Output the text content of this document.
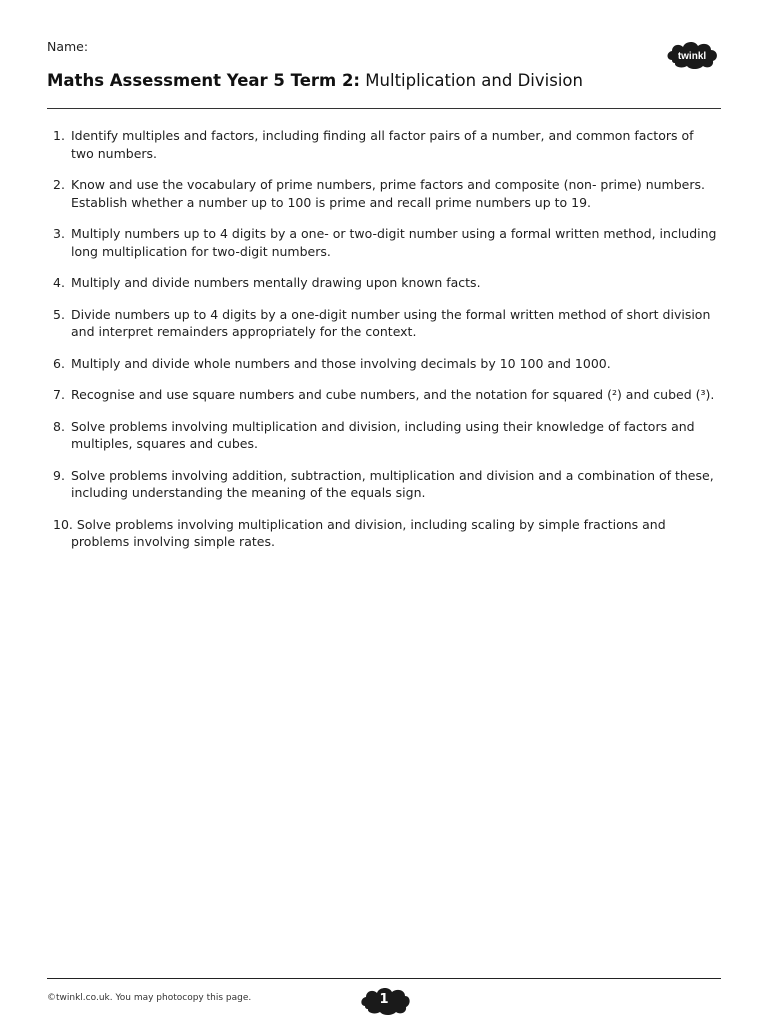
Name:
twinkl
Maths Assessment Year 5 Term 2: Multiplication and Division
1. Identify multiples and factors, including finding all factor pairs of a number, and common factors of two numbers.
2. Know and use the vocabulary of prime numbers, prime factors and composite (non- prime) numbers. Establish whether a number up to 100 is prime and recall prime numbers up to 19.
3. Multiply numbers up to 4 digits by a one- or two-digit number using a formal written method, including long multiplication for two-digit numbers.
4. Multiply and divide numbers mentally drawing upon known facts.
5. Divide numbers up to 4 digits by a one-digit number using the formal written method of short division and interpret remainders appropriately for the context.
6. Multiply and divide whole numbers and those involving decimals by 10 100 and 1000.
7. Recognise and use square numbers and cube numbers, and the notation for squared (²) and cubed (³).
8. Solve problems involving multiplication and division, including using their knowledge of factors and multiples, squares and cubes.
9. Solve problems involving addition, subtraction, multiplication and division and a combination of these, including understanding the meaning of the equals sign.
10. Solve problems involving multiplication and division, including scaling by simple fractions and problems involving simple rates.
©twinkl.co.uk. You may photocopy this page.	1
